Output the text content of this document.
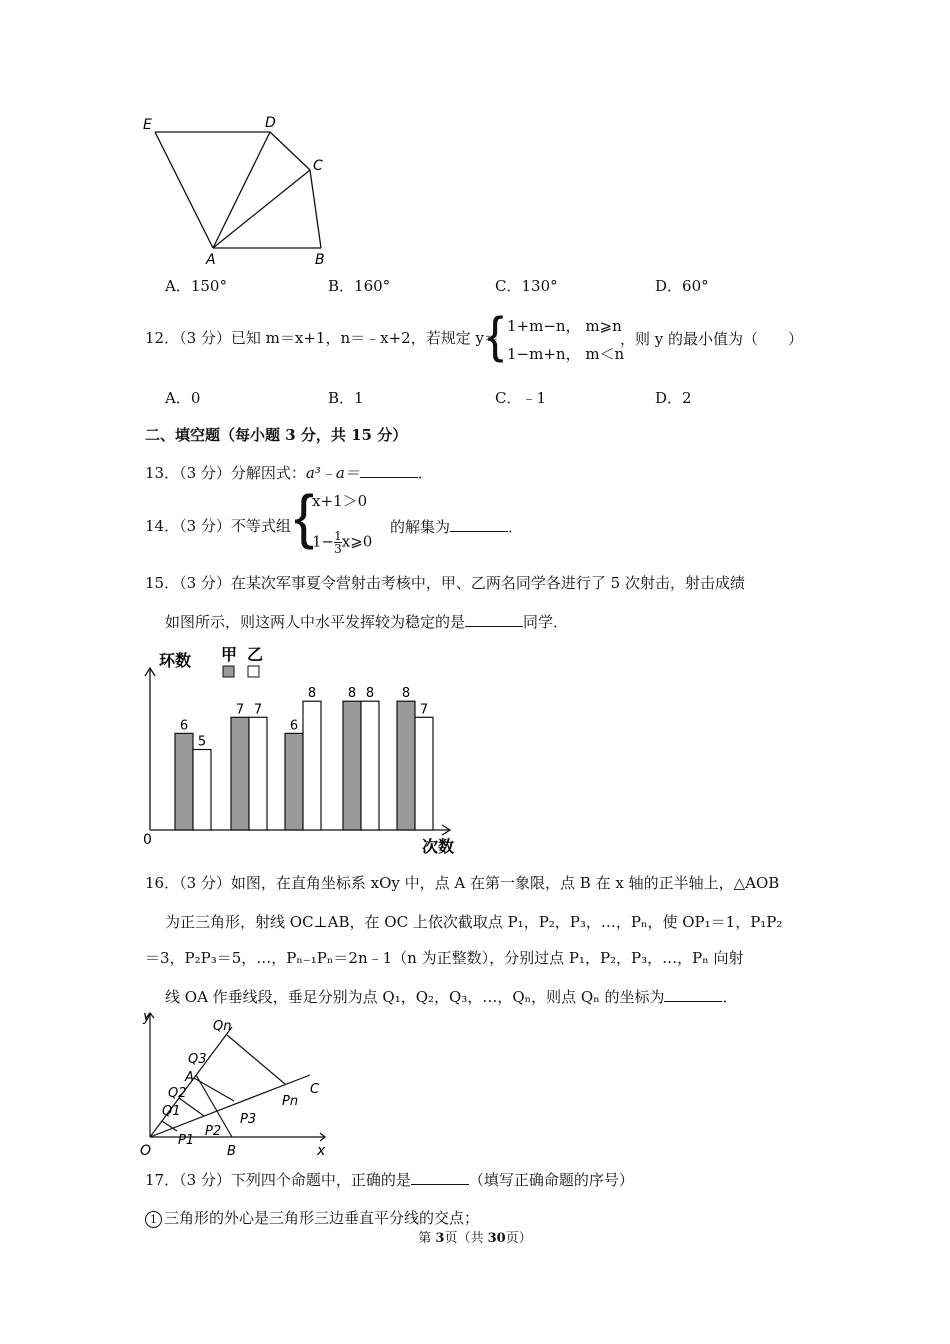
E	D
C
A	B
A．150°	B．160°	C．130°	D．60°
12．（3 分）已知 m＝x+1，n＝﹣x+2，若规定 y＝
{ 1+m−n， m⩾n
1−m+n， m＜n
，则 y 的最小值为（　　）
A．0	B．1	C．﹣1	D．2
二、填空题（每小题 3 分，共 15 分）
13．（3 分）分解因式：a³﹣a＝	．
14．（3 分）不等式组 {
x+1＞0
$1- \frac{1}{3}$ x⩾0
的解集为	．
15．（3 分）在某次军事夏令营射击考核中，甲、乙两名同学各进行了 5 次射击，射击成绩
如图所示，则这两人中水平发挥较为稳定的是	同学．
环数
次数
0
甲 乙
6
5
7 7
6
8 8 8 8
7
16．（3 分）如图，在直角坐标系 xOy 中，点 A 在第一象限，点 B 在 x 轴的正半轴上，△AOB
为正三角形，射线 OC⊥AB，在 OC 上依次截取点 P₁，P₂，P₃，…，Pₙ，使 OP₁＝1，P₁P₂
＝3，P₂P₃＝5，…，Pₙ₋₁Pₙ＝2n﹣1（n 为正整数），分别过点 P₁，P₂，P₃，…，Pₙ 向射
线 OA 作垂线段，垂足分别为点 Q₁，Q₂，Q₃，…，Qₙ，则点 Qₙ 的坐标为	．
y
x
O
A
B
C
Qn
Q3
Q2
Q1
P1
P2
P3
Pn
17．（3 分）下列四个命题中，正确的是	（填写正确命题的序号）
1 三角形的外心是三角形三边垂直平分线的交点；
第 3页（共 30页）
